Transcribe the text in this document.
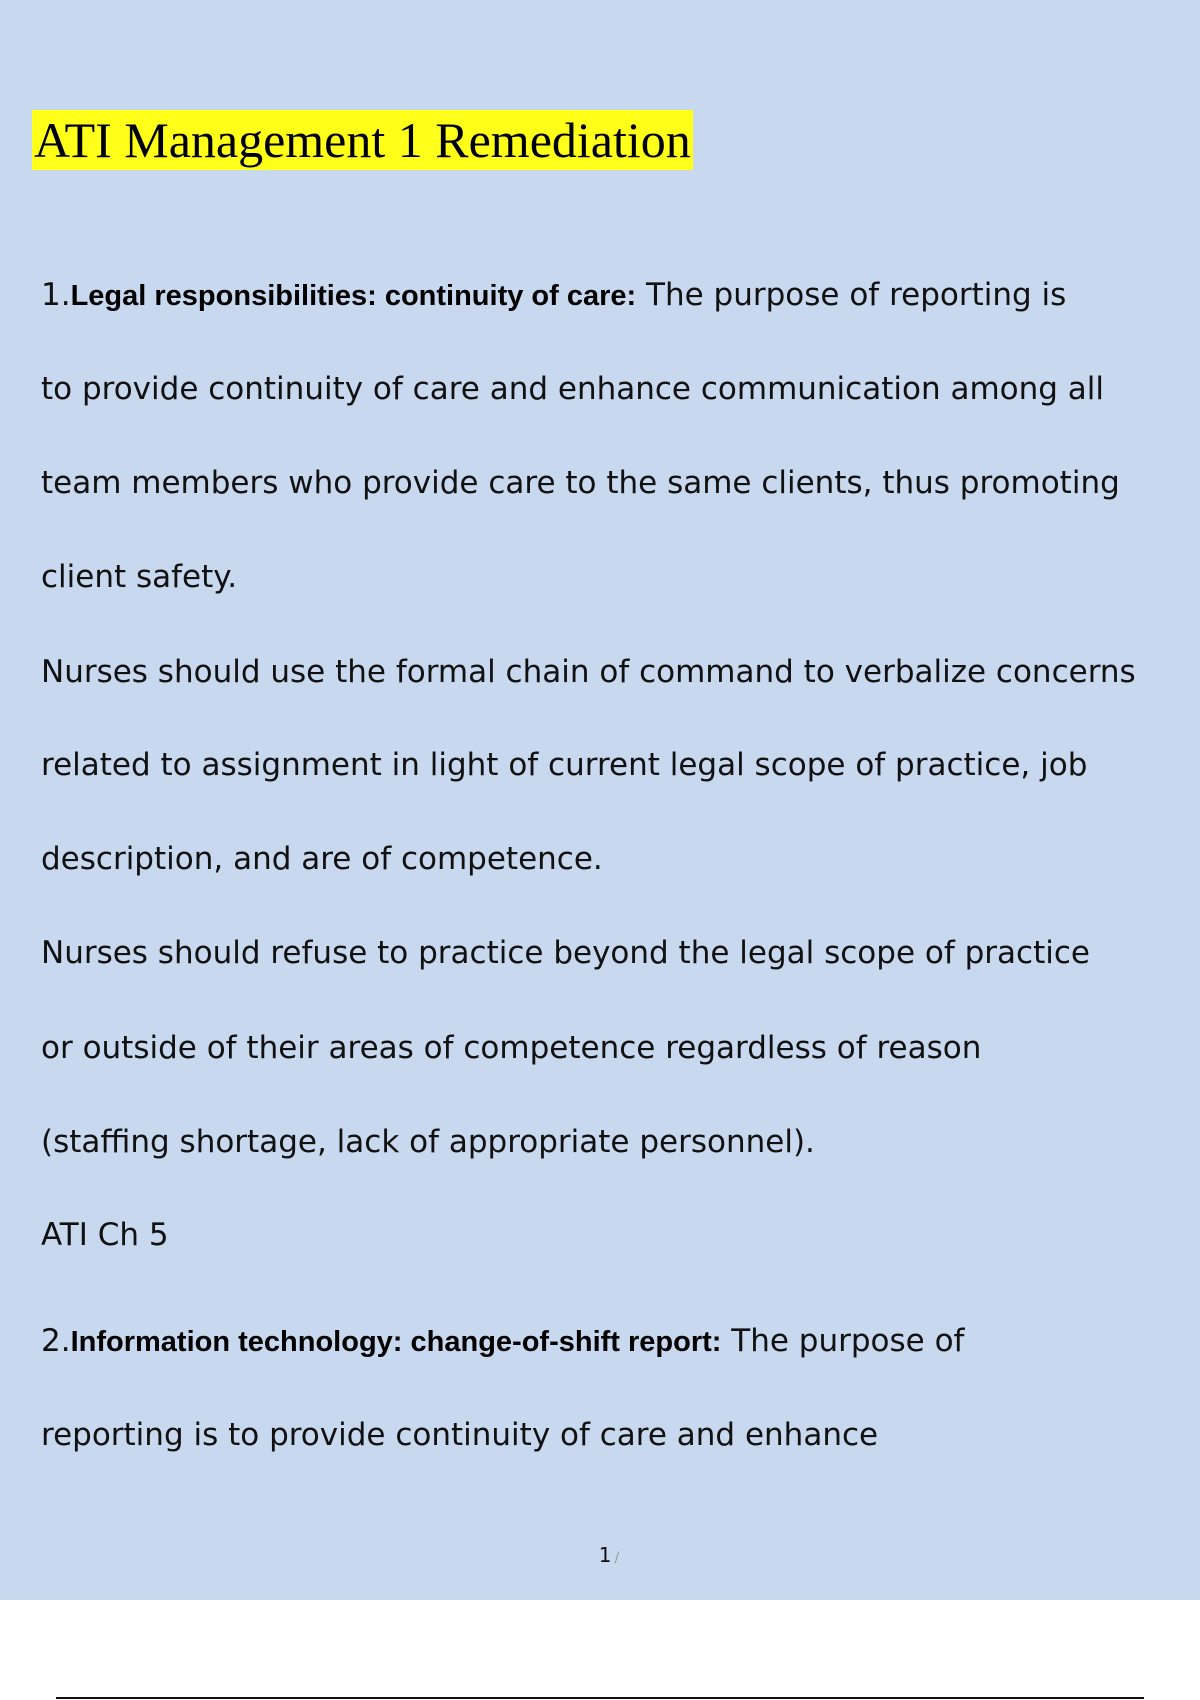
ATI Management 1 Remediation
1.Legal responsibilities: continuity of care: The purpose of reporting is
to provide continuity of care and enhance communication among all
team members who provide care to the same clients, thus promoting
client safety.
Nurses should use the formal chain of command to verbalize concerns
related to assignment in light of current legal scope of practice, job
description, and are of competence.
Nurses should refuse to practice beyond the legal scope of practice
or outside of their areas of competence regardless of reason
(staffing shortage, lack of appropriate personnel).
ATI Ch 5
2.Information technology: change-of-shift report: The purpose of
reporting is to provide continuity of care and enhance
1 /
